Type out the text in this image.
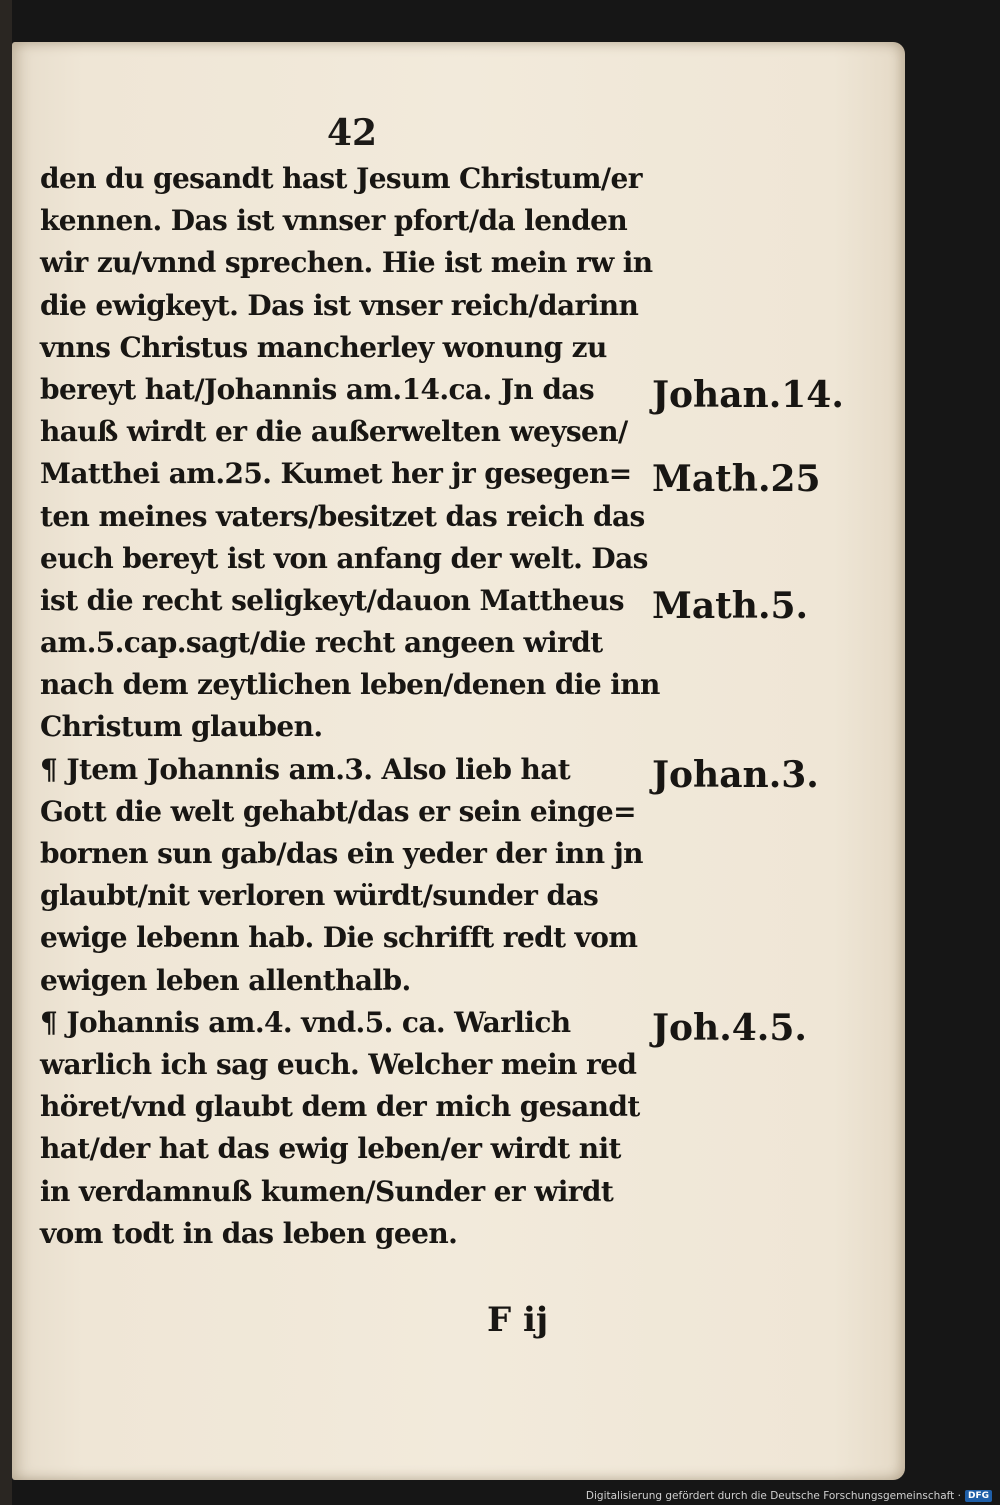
42
den du gesandt hast Jesum Christum/er
kennen. Das ist vnnser pfort/da lenden
wir zu/vnnd sprechen. Hie ist mein rw in
die ewigkeyt. Das ist vnser reich/darinn
vnns Christus mancherley wonung zu
bereyt hat/Johannis am.14.ca. Jn das
hauß wirdt er die außerwelten weysen/
Matthei am.25. Kumet her jr gesegen=
ten meines vaters/besitzet das reich das
euch bereyt ist von anfang der welt. Das
ist die recht seligkeyt/dauon Mattheus
am.5.cap.sagt/die recht angeen wirdt
nach dem zeytlichen leben/denen die inn
Christum glauben.
¶ Jtem Johannis am.3. Also lieb hat
Gott die welt gehabt/das er sein einge=
bornen sun gab/das ein yeder der inn jn
glaubt/nit verloren würdt/sunder das
ewige lebenn hab. Die schrifft redt vom
ewigen leben allenthalb.
¶ Johannis am.4. vnd.5. ca. Warlich
warlich ich sag euch. Welcher mein red
höret/vnd glaubt dem der mich gesandt
hat/der hat das ewig leben/er wirdt nit
in verdamnuß kumen/Sunder er wirdt
vom todt in das leben geen.
Johan.14.
Math.25
Math.5.
Johan.3.
Joh.4.5.
F ij
Digitalisierung gefördert durch die Deutsche Forschungsgemeinschaft · DFG
